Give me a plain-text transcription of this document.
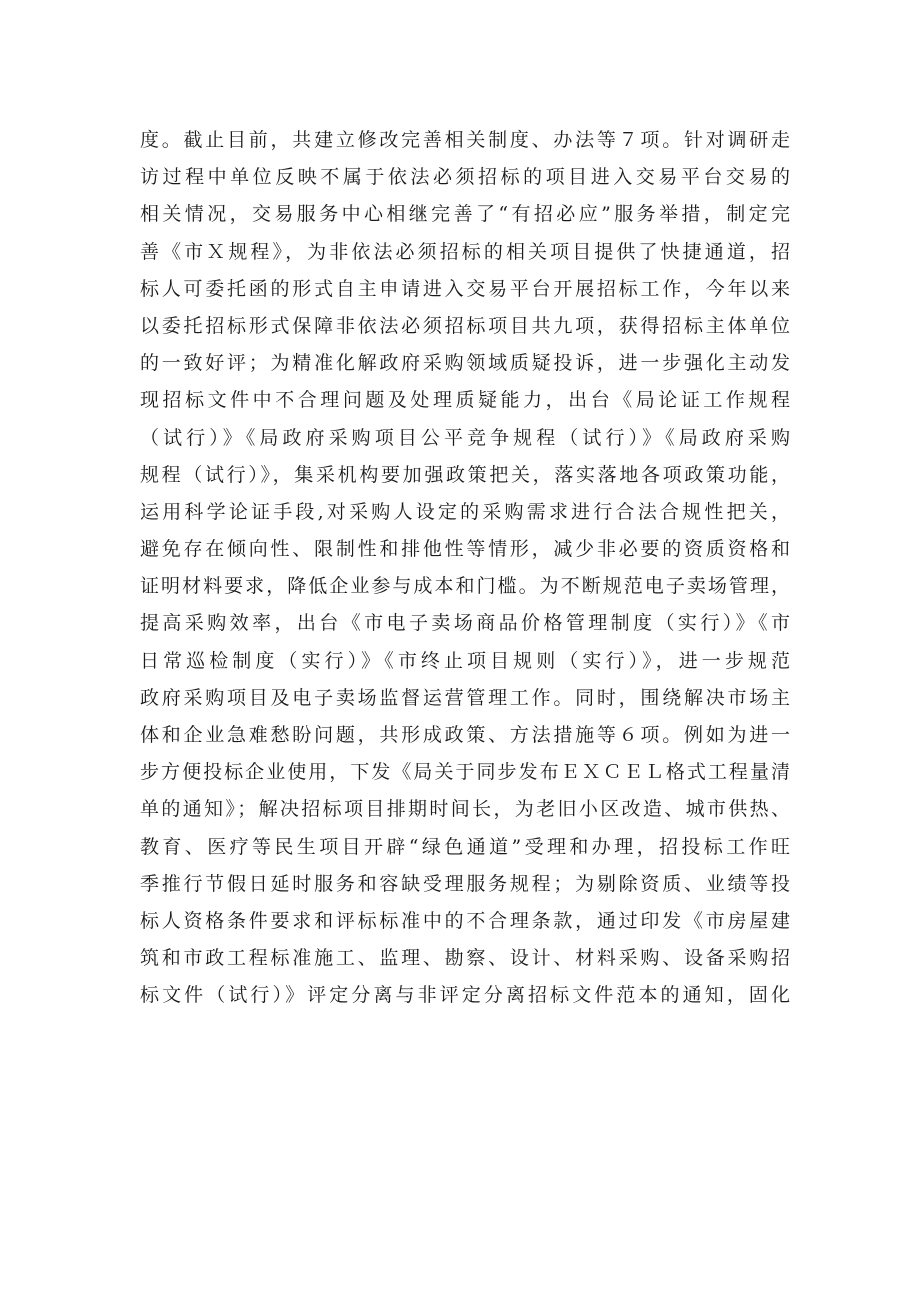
度。截止目前，共建立修改完善相关制度、办法等７项。针对调研走
访过程中单位反映不属于依法必须招标的项目进入交易平台交易的
相关情况，交易服务中心相继完善了“有招必应”服务举措，制定完
善《市Ｘ规程》，为非依法必须招标的相关项目提供了快捷通道，招
标人可委托函的形式自主申请进入交易平台开展招标工作，今年以来
以委托招标形式保障非依法必须招标项目共九项，获得招标主体单位
的一致好评；为精准化解政府采购领域质疑投诉，进一步强化主动发
现招标文件中不合理问题及处理质疑能力，出台《局论证工作规程
（试行）》《局政府采购项目公平竞争规程（试行）》《局政府采购
规程（试行）》，集采机构要加强政策把关，落实落地各项政策功能，
运用科学论证手段,对采购人设定的采购需求进行合法合规性把关，
避免存在倾向性、限制性和排他性等情形，减少非必要的资质资格和
证明材料要求，降低企业参与成本和门槛。为不断规范电子卖场管理，
提高采购效率，出台《市电子卖场商品价格管理制度（实行）》《市
日常巡检制度（实行）》《市终止项目规则（实行）》，进一步规范
政府采购项目及电子卖场监督运营管理工作。同时，围绕解决市场主
体和企业急难愁盼问题，共形成政策、方法措施等６项。例如为进一
步方便投标企业使用，下发《局关于同步发布ＥＸＣＥＬ格式工程量清
单的通知》；解决招标项目排期时间长，为老旧小区改造、城市供热、
教育、医疗等民生项目开辟“绿色通道”受理和办理，招投标工作旺
季推行节假日延时服务和容缺受理服务规程；为剔除资质、业绩等投
标人资格条件要求和评标标准中的不合理条款，通过印发《市房屋建
筑和市政工程标准施工、监理、勘察、设计、材料采购、设备采购招
标文件（试行）》评定分离与非评定分离招标文件范本的通知，固化
